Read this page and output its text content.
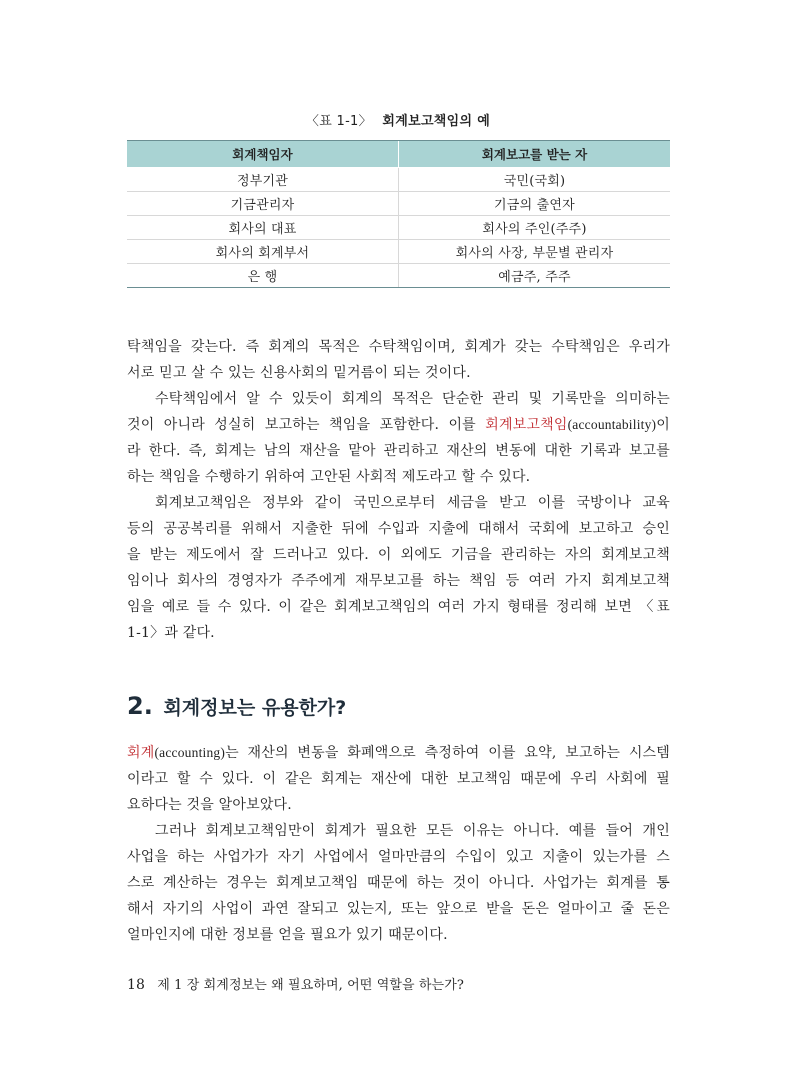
〈표 1-1〉 회계보고책임의 예
회계책임자	회계보고를 받는 자
정부기관	국민(국회)
기금관리자	기금의 출연자
회사의 대표	회사의 주인(주주)
회사의 회계부서	회사의 사장, 부문별 관리자
은 행	예금주, 주주

탁책임을 갖는다. 즉 회계의 목적은 수탁책임이며, 회계가 갖는 수탁책임은 우리가
서로 믿고 살 수 있는 신용사회의 밑거름이 되는 것이다.
수탁책임에서 알 수 있듯이 회계의 목적은 단순한 관리 및 기록만을 의미하는
것이 아니라 성실히 보고하는 책임을 포함한다. 이를 회계보고책임(accountability)이
라 한다. 즉, 회계는 남의 재산을 맡아 관리하고 재산의 변동에 대한 기록과 보고를
하는 책임을 수행하기 위하여 고안된 사회적 제도라고 할 수 있다.
회계보고책임은 정부와 같이 국민으로부터 세금을 받고 이를 국방이나 교육
등의 공공복리를 위해서 지출한 뒤에 수입과 지출에 대해서 국회에 보고하고 승인
을 받는 제도에서 잘 드러나고 있다. 이 외에도 기금을 관리하는 자의 회계보고책
임이나 회사의 경영자가 주주에게 재무보고를 하는 책임 등 여러 가지 회계보고책
임을 예로 들 수 있다. 이 같은 회계보고책임의 여러 가지 형태를 정리해 보면 〈표
1-1〉과 같다.

2. 회계정보는 유용한가?

회계(accounting)는 재산의 변동을 화폐액으로 측정하여 이를 요약, 보고하는 시스템
이라고 할 수 있다. 이 같은 회계는 재산에 대한 보고책임 때문에 우리 사회에 필
요하다는 것을 알아보았다.
그러나 회계보고책임만이 회계가 필요한 모든 이유는 아니다. 예를 들어 개인
사업을 하는 사업가가 자기 사업에서 얼마만큼의 수입이 있고 지출이 있는가를 스
스로 계산하는 경우는 회계보고책임 때문에 하는 것이 아니다. 사업가는 회계를 통
해서 자기의 사업이 과연 잘되고 있는지, 또는 앞으로 받을 돈은 얼마이고 줄 돈은
얼마인지에 대한 정보를 얻을 필요가 있기 때문이다.

18 제 1 장 회계정보는 왜 필요하며, 어떤 역할을 하는가?
